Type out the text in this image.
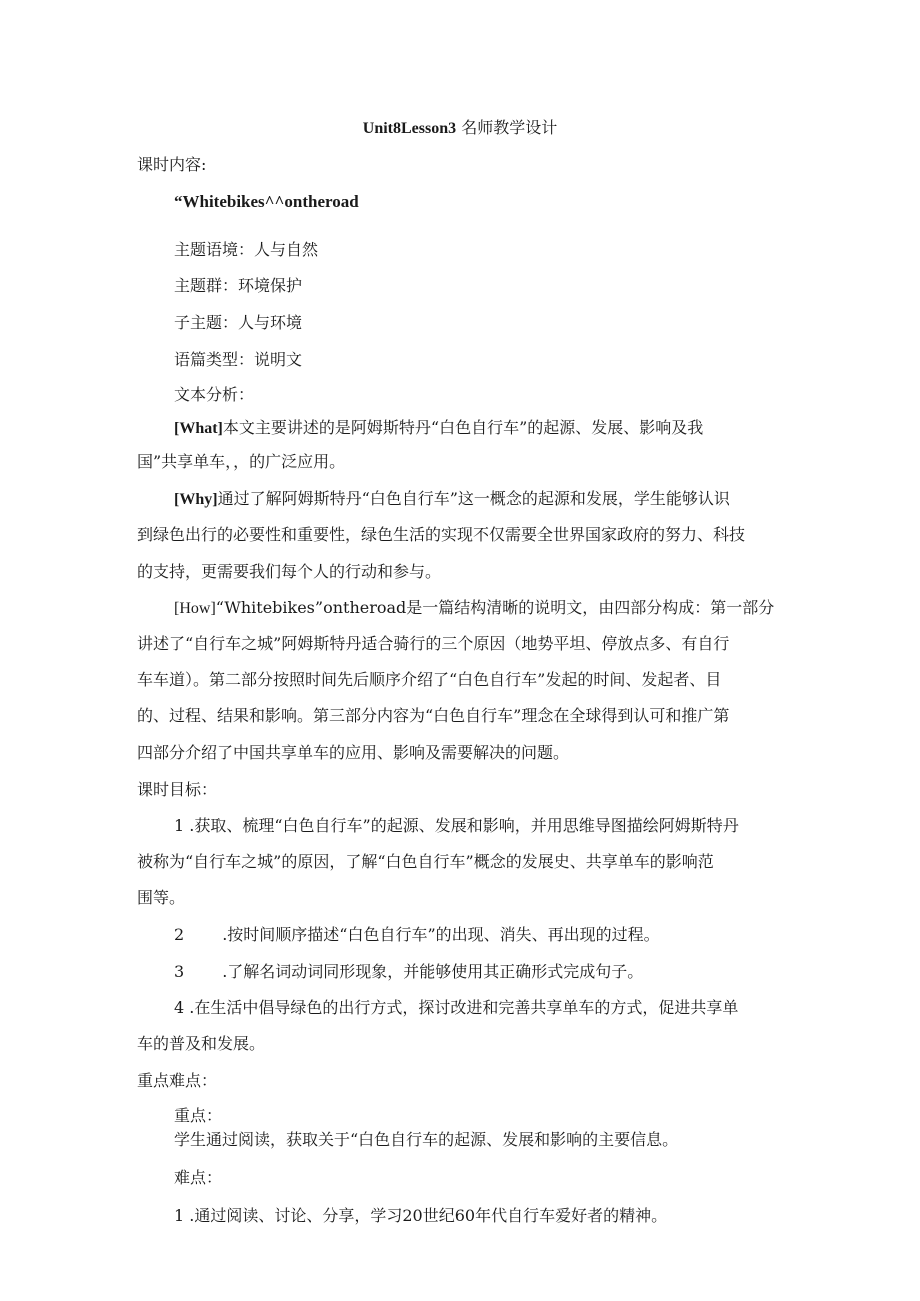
Unit8Lesson3 名师教学设计
课时内容:
“Whitebikes^^ontheroad
主题语境：人与自然
主题群：环境保护
子主题：人与环境
语篇类型：说明文
文本分析：
[What]本文主要讲述的是阿姆斯特丹“白色自行车”的起源、发展、影响及我
国”共享单车，，的广泛应用。
[Why]通过了解阿姆斯特丹“白色自行车”这一概念的起源和发展，学生能够认识
到绿色出行的必要性和重要性，绿色生活的实现不仅需要全世界国家政府的努力、科技
的支持，更需要我们每个人的行动和参与。
[How]“Whitebikes”ontheroad是一篇结构清晰的说明文，由四部分构成：第一部分
讲述了“自行车之城”阿姆斯特丹适合骑行的三个原因（地势平坦、停放点多、有自行
车车道）。第二部分按照时间先后顺序介绍了“白色自行车”发起的时间、发起者、目
的、过程、结果和影响。第三部分内容为“白色自行车”理念在全球得到认可和推广第
四部分介绍了中国共享单车的应用、影响及需要解决的问题。
课时目标：
1 .获取、梳理“白色自行车”的起源、发展和影响，并用思维导图描绘阿姆斯特丹
被称为“自行车之城”的原因，了解“白色自行车”概念的发展史、共享单车的影响范
围等。
2 .按时间顺序描述“白色自行车”的出现、消失、再出现的过程。
3 .了解名词动词同形现象，并能够使用其正确形式完成句子。
4 .在生活中倡导绿色的出行方式，探讨改进和完善共享单车的方式，促进共享单
车的普及和发展。
重点难点：
重点：
学生通过阅读，获取关于“白色自行车的起源、发展和影响的主要信息。
难点：
1 .通过阅读、讨论、分享，学习20世纪60年代自行车爱好者的精神。
